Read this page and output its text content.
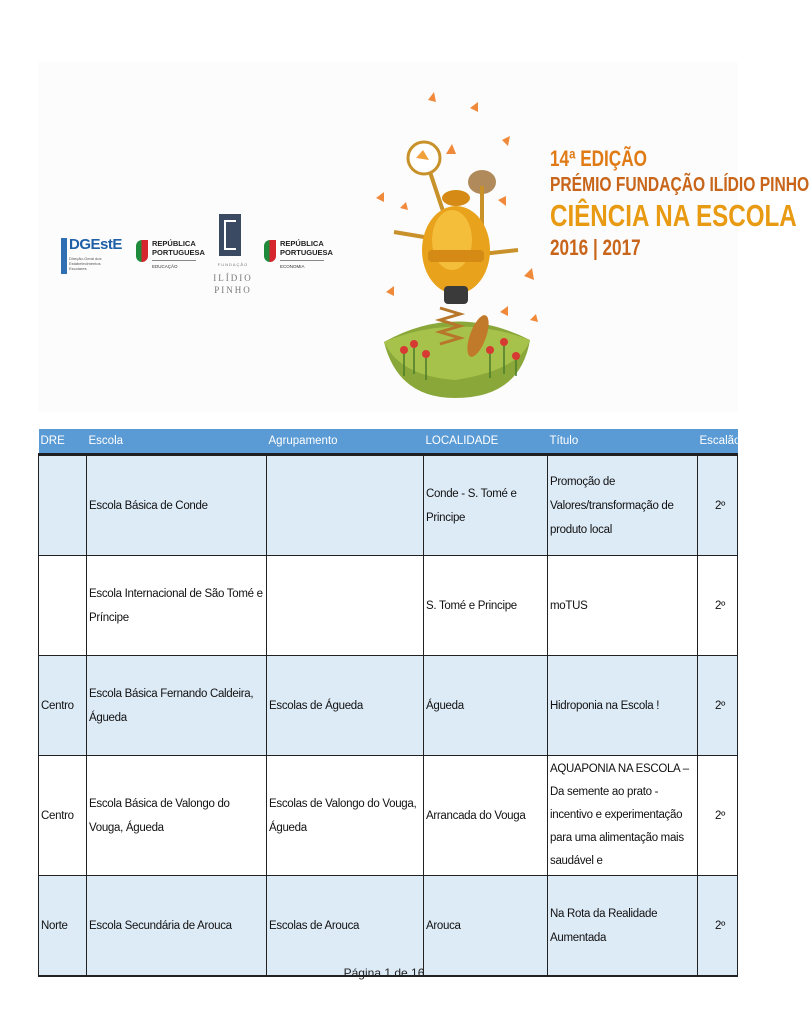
DGEstE
Direção-Geral dos Estabelecimentos Escolares
REPÚBLICA
PORTUGUESA
EDUCAÇÃO	FUNDAÇÃO
ILÍDIO
PINHO
REPÚBLICA
PORTUGUESA
ECONOMIA
14ª EDIÇÃO
PRÉMIO FUNDAÇÃO ILÍDIO PINHO
CIÊNCIA NA ESCOLA
2016 | 2017
DRE	Escola	Agrupamento	LOCALIDADE	Título	Escalão
	Escola Básica de Conde		Conde - S. Tomé e Principe	Promoção de Valores/transformação de produto local	2º
	Escola Internacional de São Tomé e Príncipe		S. Tomé e Principe	moTUS	2º
Centro	Escola Básica Fernando Caldeira, Águeda	Escolas de Águeda	Águeda	Hidroponia na Escola !	2º
Centro	Escola Básica de Valongo do Vouga, Águeda	Escolas de Valongo do Vouga, Águeda	Arrancada do Vouga	AQUAPONIA NA ESCOLA – Da semente ao prato - incentivo e experimentação para uma alimentação mais saudável e	2º
Norte	Escola Secundária de Arouca	Escolas de Arouca	Arouca	Na Rota da Realidade Aumentada	2º
Página 1 de 16
